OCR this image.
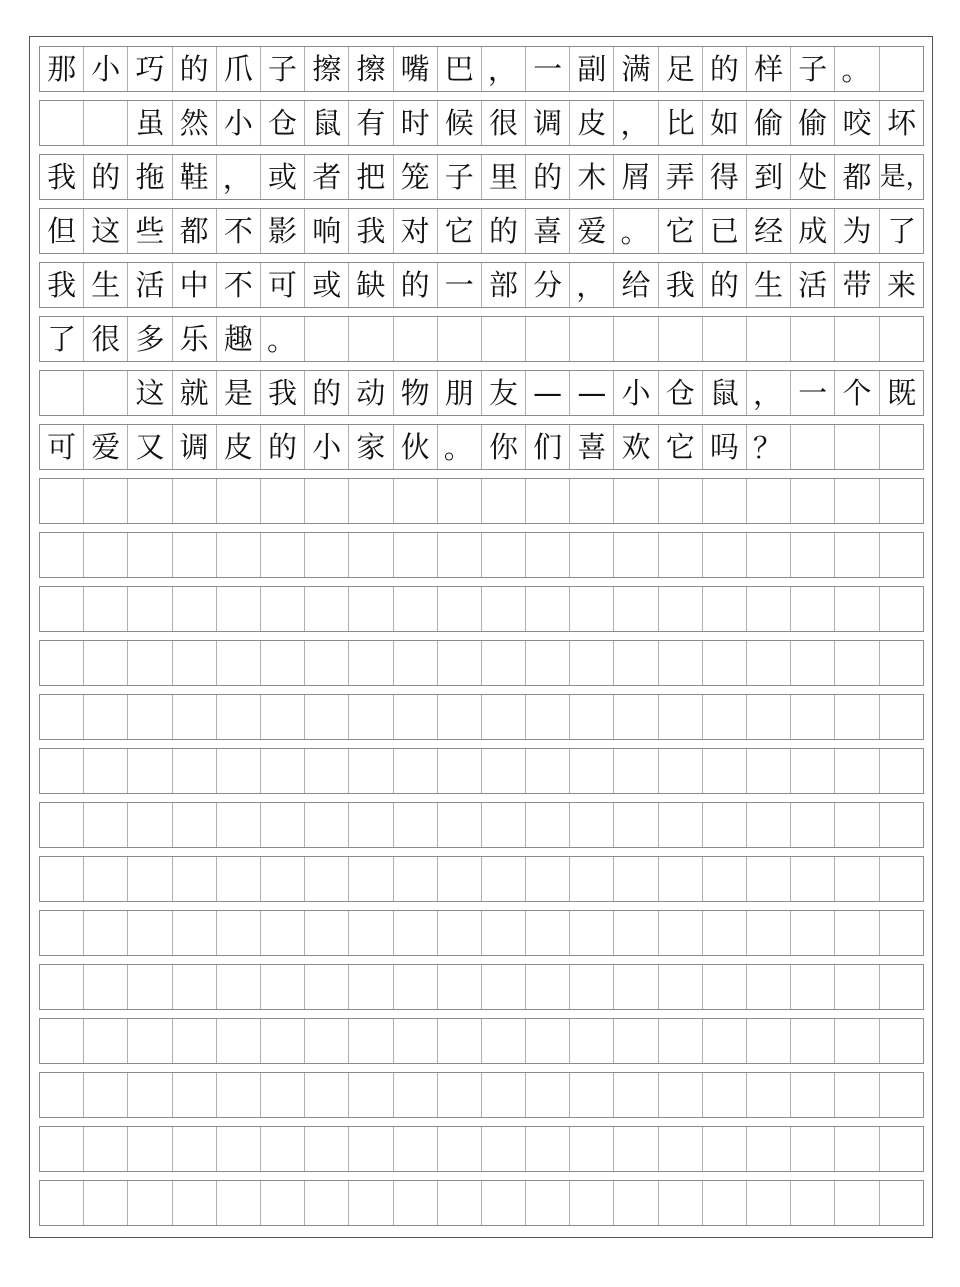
那 小 巧 的 爪 子 擦 擦 嘴 巴 ， 一 副 满 足 的 样 子 。
虽 然 小 仓 鼠 有 时 候 很 调 皮 ， 比 如 偷 偷 咬 坏
我 的 拖 鞋 ， 或 者 把 笼 子 里 的 木 屑 弄 得 到 处 都 是，
但 这 些 都 不 影 响 我 对 它 的 喜 爱 。 它 已 经 成 为 了
我 生 活 中 不 可 或 缺 的 一 部 分 ， 给 我 的 生 活 带 来
了 很 多 乐 趣 。
这 就 是 我 的 动 物 朋 友 — — 小 仓 鼠 ， 一 个 既
可 爱 又 调 皮 的 小 家 伙 。 你 们 喜 欢 它 吗 ？
